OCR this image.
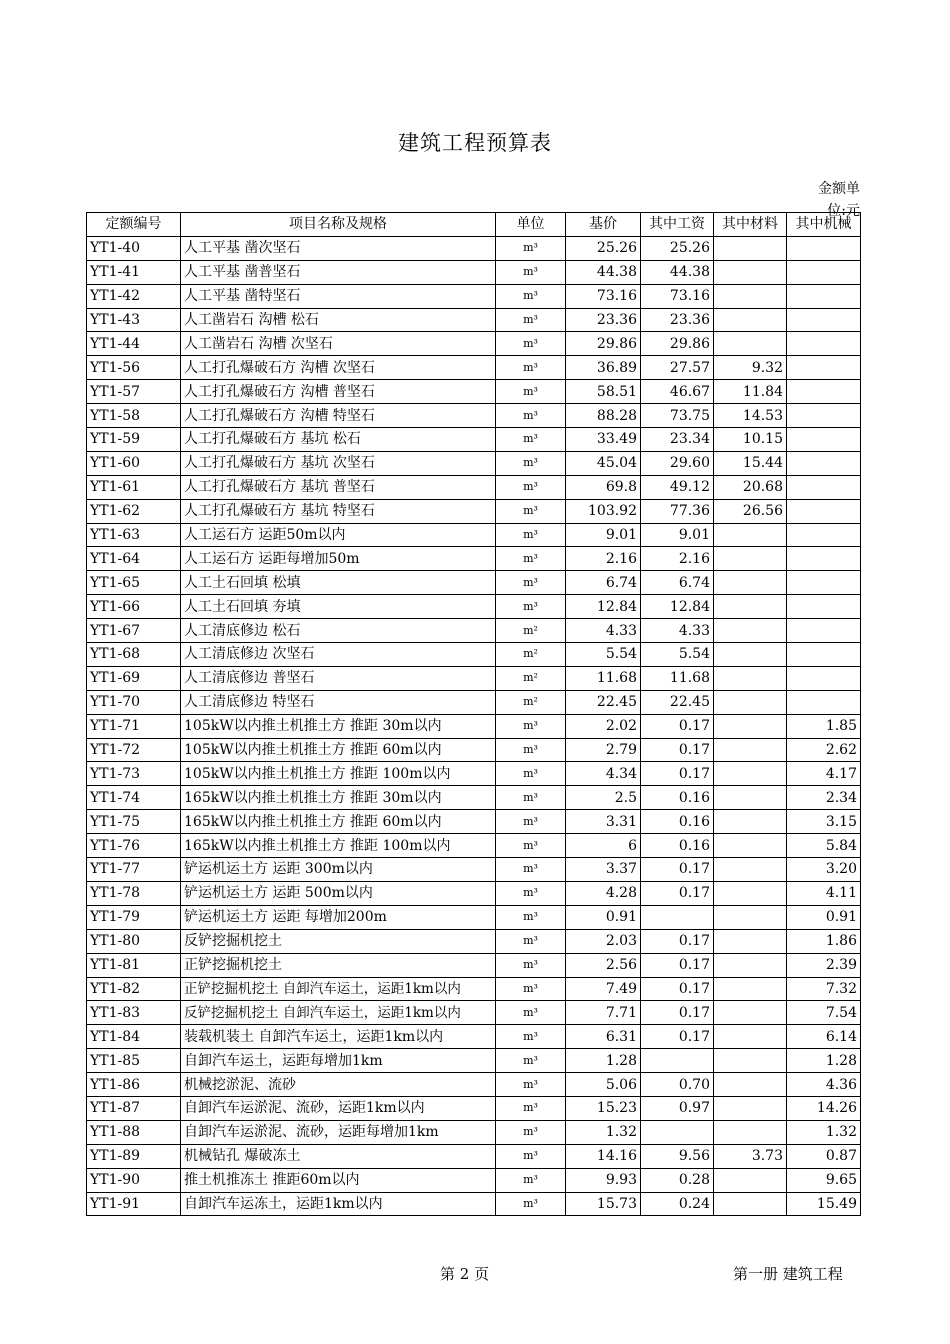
建筑工程预算表
金额单位:元
定额编号	项目名称及规格	单位	基价	其中工资	其中材料	其中机械
YT1-40	人工平基 凿次坚石	m³	25.26	25.26		
YT1-41	人工平基 凿普坚石	m³	44.38	44.38		
YT1-42	人工平基 凿特坚石	m³	73.16	73.16		
YT1-43	人工凿岩石 沟槽 松石	m³	23.36	23.36		
YT1-44	人工凿岩石 沟槽 次坚石	m³	29.86	29.86		
YT1-56	人工打孔爆破石方 沟槽 次坚石	m³	36.89	27.57	9.32	
YT1-57	人工打孔爆破石方 沟槽 普坚石	m³	58.51	46.67	11.84	
YT1-58	人工打孔爆破石方 沟槽 特坚石	m³	88.28	73.75	14.53	
YT1-59	人工打孔爆破石方 基坑 松石	m³	33.49	23.34	10.15	
YT1-60	人工打孔爆破石方 基坑 次坚石	m³	45.04	29.60	15.44	
YT1-61	人工打孔爆破石方 基坑 普坚石	m³	69.8	49.12	20.68	
YT1-62	人工打孔爆破石方 基坑 特坚石	m³	103.92	77.36	26.56	
YT1-63	人工运石方 运距50m以内	m³	9.01	9.01		
YT1-64	人工运石方 运距每增加50m	m³	2.16	2.16		
YT1-65	人工土石回填 松填	m³	6.74	6.74		
YT1-66	人工土石回填 夯填	m³	12.84	12.84		
YT1-67	人工清底修边 松石	m²	4.33	4.33		
YT1-68	人工清底修边 次坚石	m²	5.54	5.54		
YT1-69	人工清底修边 普坚石	m²	11.68	11.68		
YT1-70	人工清底修边 特坚石	m²	22.45	22.45		
YT1-71	105kW以内推土机推土方 推距 30m以内	m³	2.02	0.17		1.85
YT1-72	105kW以内推土机推土方 推距 60m以内	m³	2.79	0.17		2.62
YT1-73	105kW以内推土机推土方 推距 100m以内	m³	4.34	0.17		4.17
YT1-74	165kW以内推土机推土方 推距 30m以内	m³	2.5	0.16		2.34
YT1-75	165kW以内推土机推土方 推距 60m以内	m³	3.31	0.16		3.15
YT1-76	165kW以内推土机推土方 推距 100m以内	m³	6	0.16		5.84
YT1-77	铲运机运土方 运距 300m以内	m³	3.37	0.17		3.20
YT1-78	铲运机运土方 运距 500m以内	m³	4.28	0.17		4.11
YT1-79	铲运机运土方 运距 每增加200m	m³	0.91			0.91
YT1-80	反铲挖掘机挖土	m³	2.03	0.17		1.86
YT1-81	正铲挖掘机挖土	m³	2.56	0.17		2.39
YT1-82	正铲挖掘机挖土 自卸汽车运土，运距1km以内	m³	7.49	0.17		7.32
YT1-83	反铲挖掘机挖土 自卸汽车运土，运距1km以内	m³	7.71	0.17		7.54
YT1-84	装载机装土 自卸汽车运土，运距1km以内	m³	6.31	0.17		6.14
YT1-85	自卸汽车运土，运距每增加1km	m³	1.28			1.28
YT1-86	机械挖淤泥、流砂	m³	5.06	0.70		4.36
YT1-87	自卸汽车运淤泥、流砂，运距1km以内	m³	15.23	0.97		14.26
YT1-88	自卸汽车运淤泥、流砂，运距每增加1km	m³	1.32			1.32
YT1-89	机械钻孔 爆破冻土	m³	14.16	9.56	3.73	0.87
YT1-90	推土机推冻土 推距60m以内	m³	9.93	0.28		9.65
YT1-91	自卸汽车运冻土，运距1km以内	m³	15.73	0.24		15.49
第 2 页	第一册 建筑工程
